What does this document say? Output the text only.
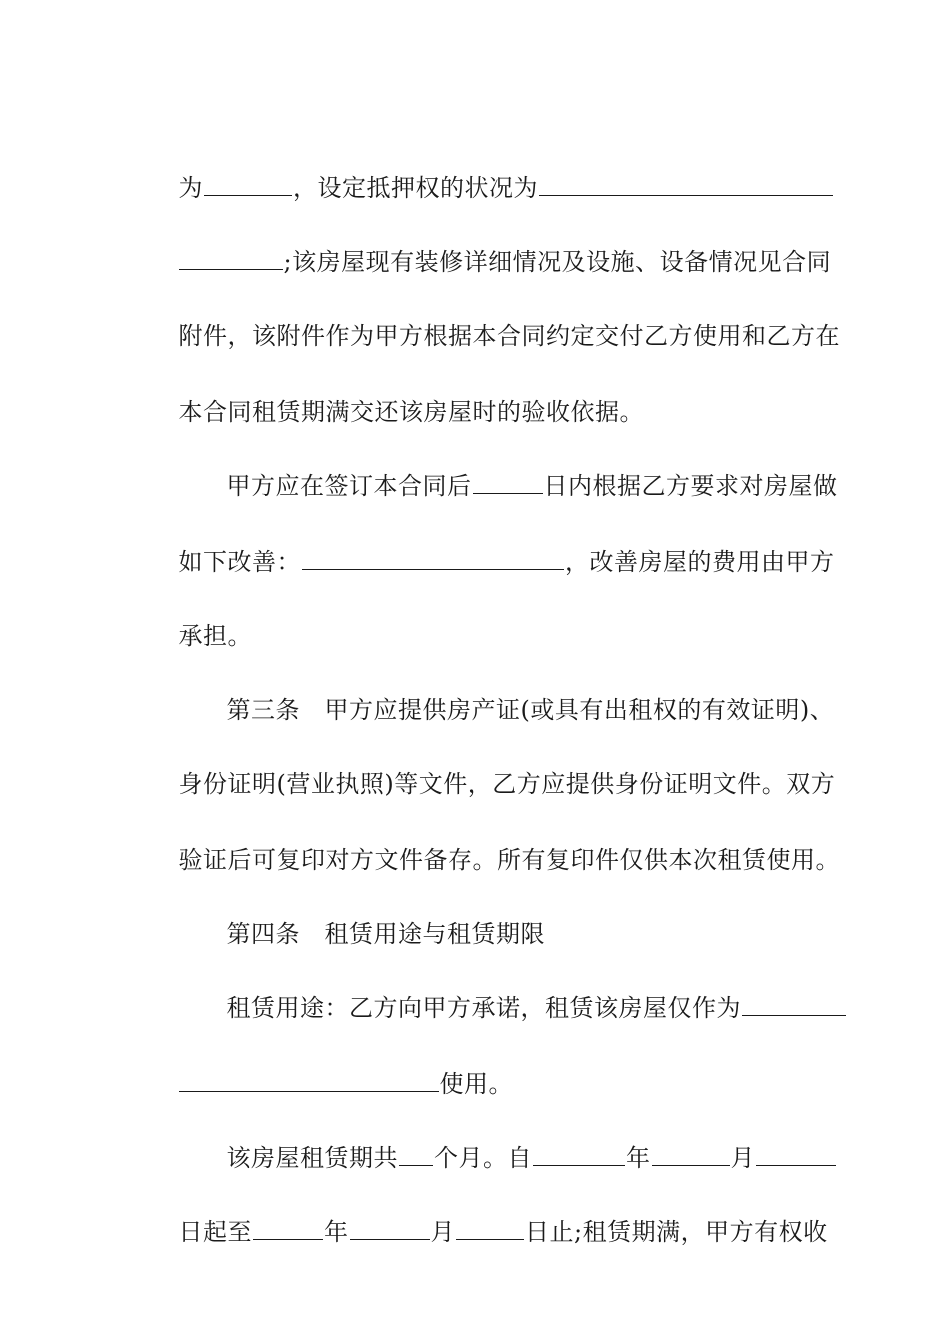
为	，设定抵押权的状况为

;该房屋现有装修详细情况及设施、设备情况见合同

附件，该附件作为甲方根据本合同约定交付乙方使用和乙方在

本合同租赁期满交还该房屋时的验收依据。

甲方应在签订本合同后	日内根据乙方要求对房屋做

如下改善：	，改善房屋的费用由甲方

承担。

第三条　甲方应提供房产证(或具有出租权的有效证明)、

身份证明(营业执照)等文件，乙方应提供身份证明文件。双方

验证后可复印对方文件备存。所有复印件仅供本次租赁使用。

第四条　租赁用途与租赁期限

租赁用途：乙方向甲方承诺，租赁该房屋仅作为

使用。

该房屋租赁期共 个月。自	年	月

日起至	年	月	日止;租赁期满，甲方有权收
